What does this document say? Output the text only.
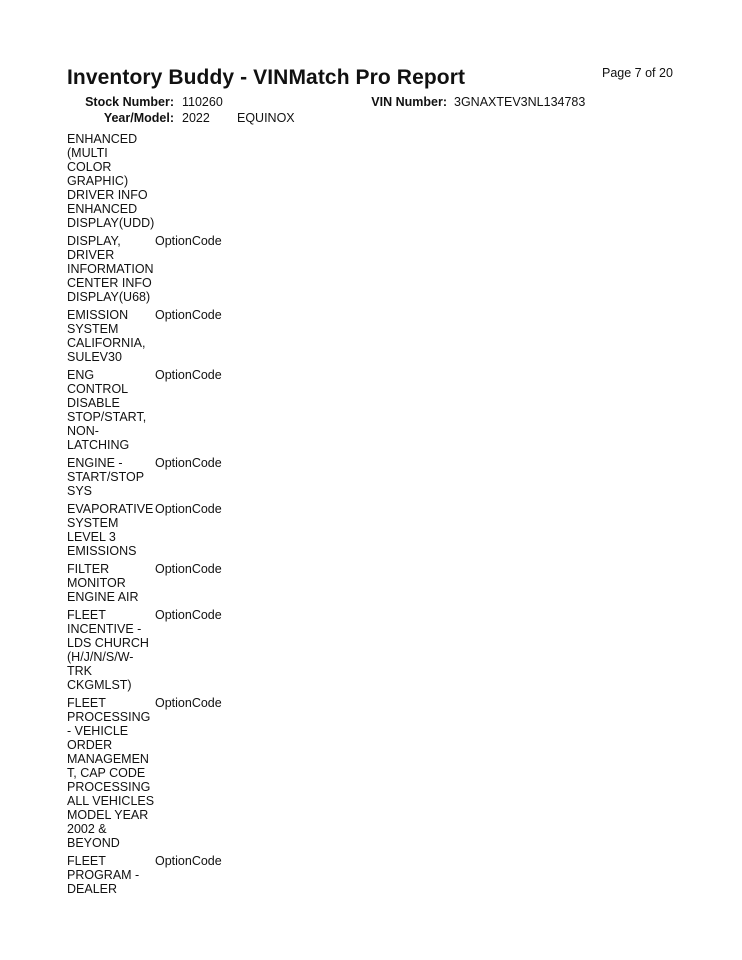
Inventory Buddy - VINMatch Pro Report	Page 7 of 20
Stock Number: 110260	VIN Number: 3GNAXTEV3NL134783
Year/Model: 2022 EQUINOX
ENHANCED
(MULTI
COLOR
GRAPHIC)
DRIVER INFO
ENHANCED
DISPLAY(UDD)
DISPLAY,
DRIVER
INFORMATION
CENTER INFO
DISPLAY(U68)
OptionCode
EMISSION
SYSTEM
CALIFORNIA,
SULEV30
OptionCode
ENG
CONTROL
DISABLE
STOP/START,
NON-
LATCHING
OptionCode
ENGINE -
START/STOP
SYS
OptionCode
EVAPORATIVE
SYSTEM
LEVEL 3
EMISSIONS
OptionCode
FILTER
MONITOR
ENGINE AIR
OptionCode
FLEET
INCENTIVE -
LDS CHURCH
(H/J/N/S/W-
TRK
CKGMLST)
OptionCode
FLEET
PROCESSING
- VEHICLE
ORDER
MANAGEMEN
T, CAP CODE
PROCESSING
ALL VEHICLES
MODEL YEAR
2002 &
BEYOND
OptionCode
FLEET
PROGRAM -
DEALER
OptionCode
